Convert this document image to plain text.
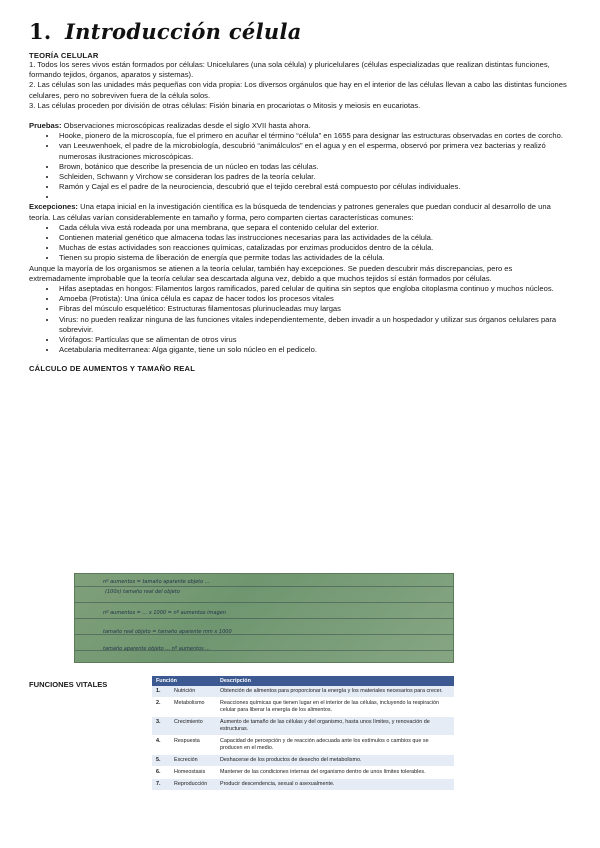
1. Introducción célula
TEORÍA CELULAR

1. Todos los seres vivos están formados por células: Unicelulares (una sola célula) y pluricelulares (células especializadas que realizan distintas funciones, formando tejidos, órganos, aparatos y sistemas).

2. Las células son las unidades más pequeñas con vida propia: Los diversos orgánulos que hay en el interior de las células llevan a cabo las distintas funciones celulares, pero no sobreviven fuera de la célula solos.

3. Las células proceden por división de otras células: Fisión binaria en procariotas o Mitosis y meiosis en eucariotas.

Pruebas: Observaciones microscópicas realizadas desde el siglo XVII hasta ahora.

• Hooke, pionero de la microscopía, fue el primero en acuñar el término “célula” en 1655 para designar las estructuras observadas en cortes de corcho.
• van Leeuwenhoek, el padre de la microbiología, descubrió “animálculos” en el agua y en el esperma, observó por primera vez bacterias y realizó numerosas ilustraciones microscópicas.
• Brown, botánico que describe la presencia de un núcleo en todas las células.
• Schleiden, Schwann y Virchow se consideran los padres de la teoría celular.
• Ramón y Cajal es el padre de la neurociencia, descubrió que el tejido cerebral está compuesto por células individuales.
•

Excepciones: Una etapa inicial en la investigación científica es la búsqueda de tendencias y patrones generales que puedan conducir al desarrollo de una teoría. Las células varían considerablemente en tamaño y forma, pero comparten ciertas características comunes:

• Cada célula viva está rodeada por una membrana, que separa el contenido celular del exterior.
• Contienen material genético que almacena todas las instrucciones necesarias para las actividades de la célula.
• Muchas de estas actividades son reacciones químicas, catalizadas por enzimas producidos dentro de la célula.
• Tienen su propio sistema de liberación de energía que permite todas las actividades de la célula.

Aunque la mayoría de los organismos se atienen a la teoría celular, también hay excepciones. Se pueden descubrir más discrepancias, pero es extremadamente improbable que la teoría celular sea descartada alguna vez, debido a que muchos tejidos sí están formados por células.

• Hifas aseptadas en hongos: Filamentos largos ramificados, pared celular de quitina sin septos que engloba citoplasma continuo y muchos núcleos.
• Amoeba (Protista): Una única célula es capaz de hacer todos los procesos vitales
• Fibras del músculo esquelético: Estructuras filamentosas plurinucleadas muy largas
• Virus: no pueden realizar ninguna de las funciones vitales independientemente, deben invadir a un hospedador y utilizar sus órganos celulares para sobrevivir.
• Virófagos: Partículas que se alimentan de otros virus
• Acetabularia mediterranea: Alga gigante, tiene un solo núcleo en el pedicelo.
CÁLCULO DE AUMENTOS Y TAMAÑO REAL
nº aumentos = tamaño aparente objeto ...
(100x) tamaño real del objeto
nº aumentos = ... x 1000 = nº aumentos imagen
tamaño real objeto = tamaño aparente mm x 1000
tamaño aparente objeto ... nº aumentos ...
FUNCIONES VITALES	Función		Descripción
1.	Nutrición	Obtención de alimentos para proporcionar la energía y los materiales necesarios para crecer.
2.	Metabolismo	Reacciones químicas que tienen lugar en el interior de las células, incluyendo la respiración celular para liberar la energía de los alimentos.
3.	Crecimiento	Aumento de tamaño de las células y del organismo, hasta unos límites, y renovación de estructuras.
4.	Respuesta	Capacidad de percepción y de reacción adecuada ante los estímulos o cambios que se producen en el medio.
5.	Excreción	Deshacerse de los productos de desecho del metabolismo.
6.	Homeostasis	Mantener de las condiciones internas del organismo dentro de unos límites tolerables.
7.	Reproducción	Producir descendencia, sexual o asexualmente.
